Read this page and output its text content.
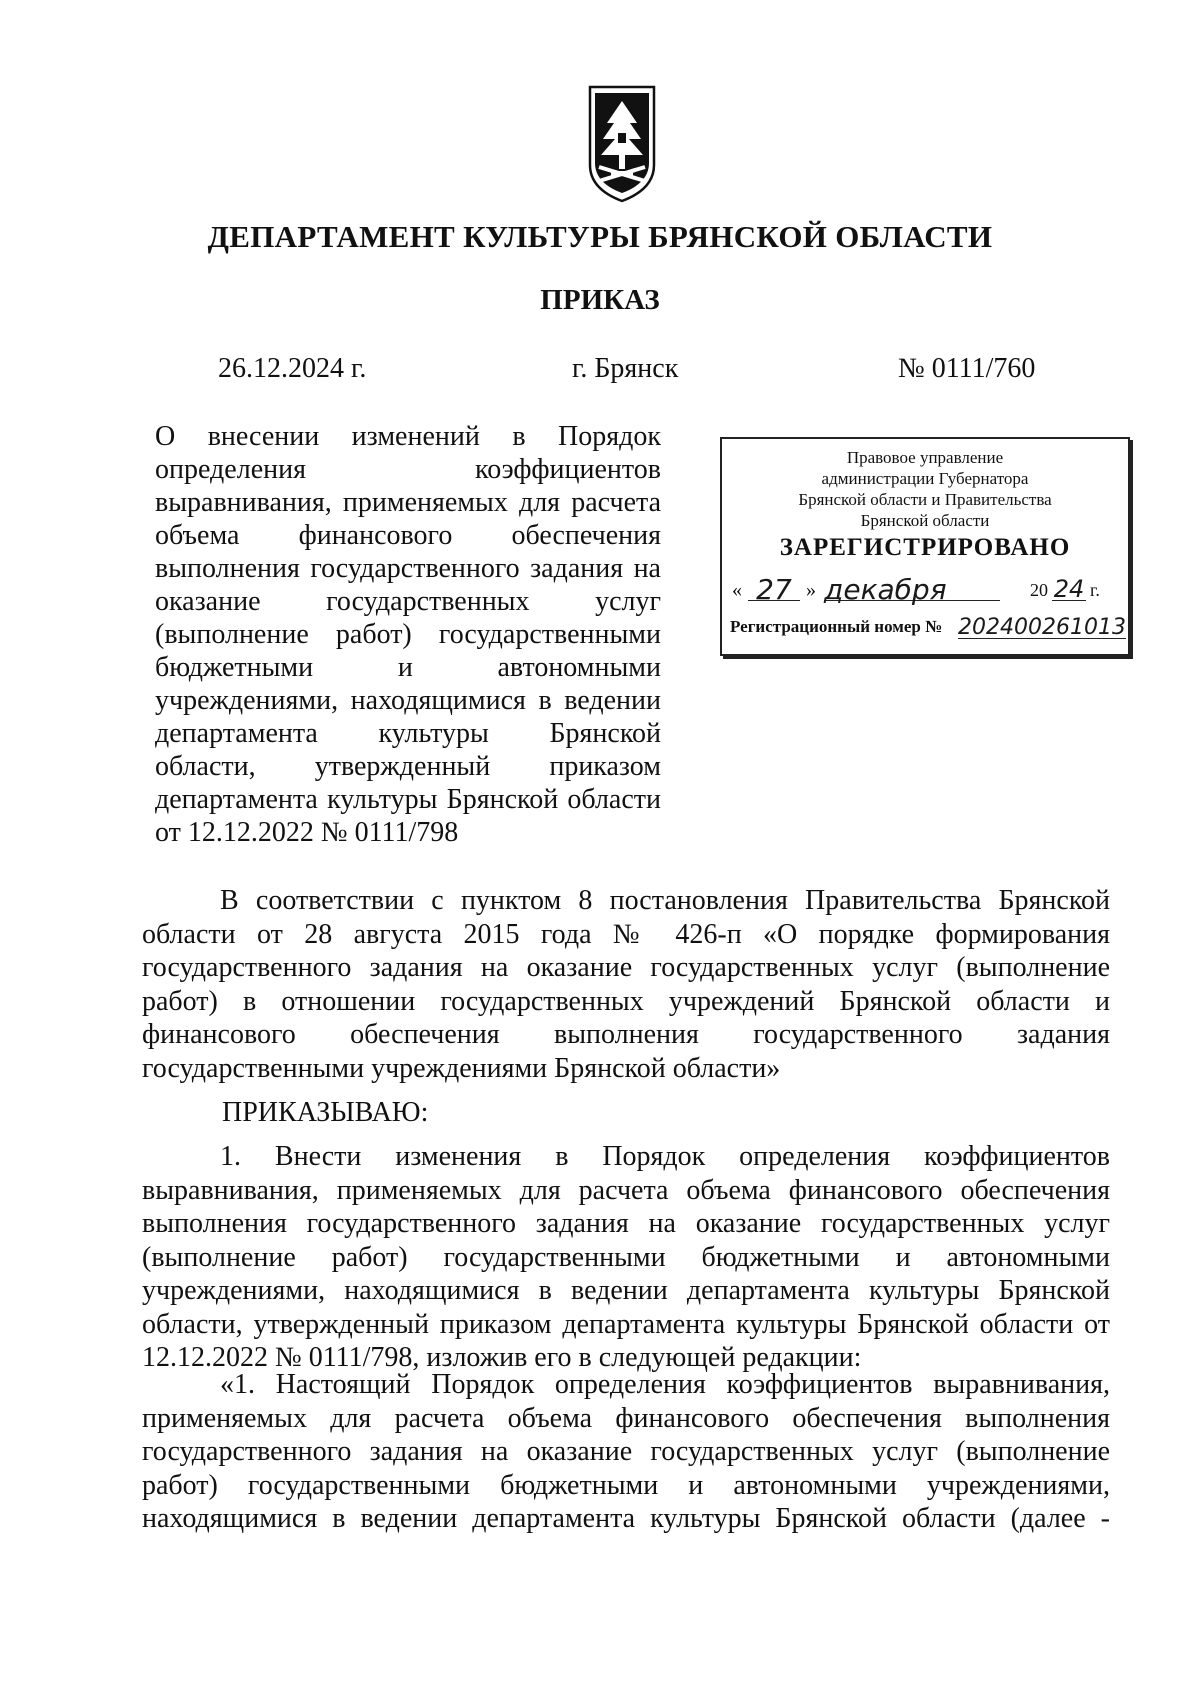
ДЕПАРТАМЕНТ КУЛЬТУРЫ БРЯНСКОЙ ОБЛАСТИ
ПРИКАЗ
26.12.2024 г.	г. Брянск	№ 0111/760
О внесении изменений в Порядок
определения коэффициентов
выравнивания, применяемых для расчета
объема финансового обеспечения
выполнения государственного задания на
оказание государственных услуг
(выполнение работ) государственными
бюджетными и автономными
учреждениями, находящимися в ведении
департамента культуры Брянской
области, утвержденный приказом
департамента культуры Брянской области
от 12.12.2022 № 0111/798
Правовое управление
администрации Губернатора
Брянской области и Правительства
Брянской области
ЗАРЕГИСТРИРОВАНО
« 27 » декабря	20 24 г.
Регистрационный номер № 202400261013
В соответствии с пунктом 8 постановления Правительства Брянской
области от 28 августа 2015 года № 426-п «О порядке формирования
государственного задания на оказание государственных услуг (выполнение
работ) в отношении государственных учреждений Брянской области и
финансового обеспечения выполнения государственного задания
государственными учреждениями Брянской области»
ПРИКАЗЫВАЮ:
1. Внести изменения в Порядок определения коэффициентов
выравнивания, применяемых для расчета объема финансового обеспечения
выполнения государственного задания на оказание государственных услуг
(выполнение работ) государственными бюджетными и автономными
учреждениями, находящимися в ведении департамента культуры Брянской
области, утвержденный приказом департамента культуры Брянской области от
12.12.2022 № 0111/798, изложив его в следующей редакции:
«1. Настоящий Порядок определения коэффициентов выравнивания,
применяемых для расчета объема финансового обеспечения выполнения
государственного задания на оказание государственных услуг (выполнение
работ) государственными бюджетными и автономными учреждениями,
находящимися в ведении департамента культуры Брянской области (далее -
